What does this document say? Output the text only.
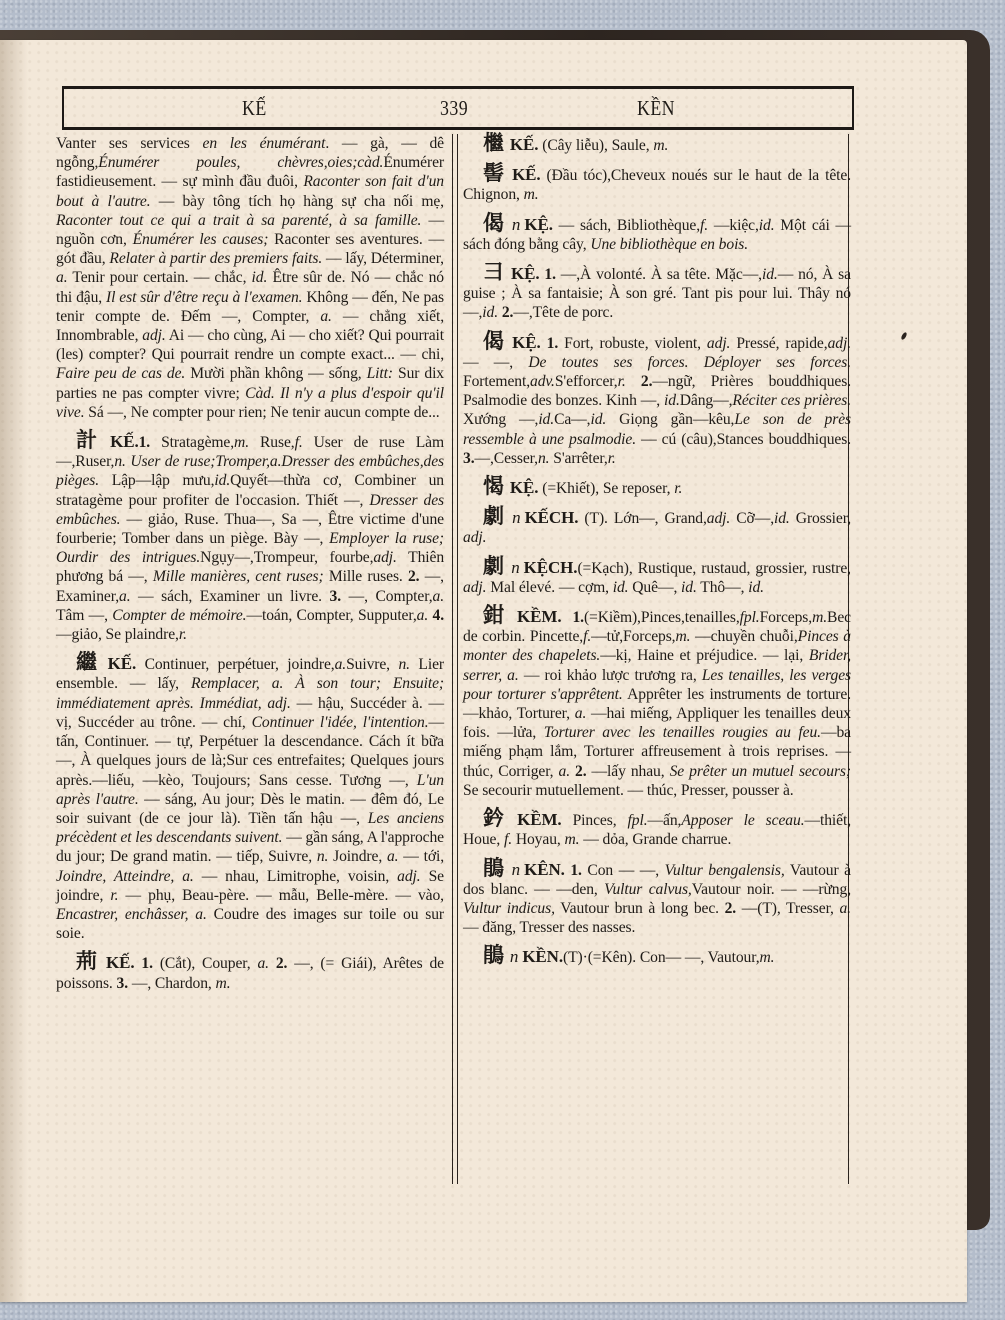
KẾ	339	KỀN

Vanter ses services en les énumérant. — gà, — dê ngỗng,Énumérer poules, chèvres,oies;càd.Énumérer fastidieusement. — sự mình đầu đuôi, Raconter son fait d'un bout à l'autre. — bày tông tích họ hàng sự cha nối mẹ, Raconter tout ce qui a trait à sa parenté, à sa famille. — nguồn cơn, Énumérer les causes; Raconter ses aventures. — gót đầu, Relater à partir des premiers faits. — lấy, Déterminer, a. Tenir pour certain. — chắc, id. Être sûr de. Nó — chắc nó thi đậu, Il est sûr d'être reçu à l'examen. Không — đến, Ne pas tenir compte de. Đếm —, Compter, a. — chẳng xiết, Innombrable, adj. Ai — cho cùng, Ai — cho xiết? Qui pourrait (les) compter? Qui pourrait rendre un compte exact... — chi, Faire peu de cas de. Mười phần không — sống, Litt: Sur dix parties ne pas compter vivre; Càd. Il n'y a plus d'espoir qu'il vive. Sá —, Ne compter pour rien; Ne tenir aucun compte de...

計 KẾ.1. Stratagème,m. Ruse,f. User de ruse Làm—,Ruser,n. User de ruse;Tromper,a.Dresser des embûches,des pièges. Lập—lập mưu,id.Quyết—thừa cơ, Combiner un stratagème pour profiter de l'occasion. Thiết —, Dresser des embûches. — giảo, Ruse. Thua—, Sa —, Être victime d'une fourberie; Tomber dans un piège. Bày —, Employer la ruse; Ourdir des intrigues.Ngụy—,Trompeur, fourbe,adj. Thiên phương bá —, Mille manières, cent ruses; Mille ruses. 2. —, Examiner,a. — sách, Examiner un livre. 3. —, Compter,a. Tâm —, Compter de mémoire.—toán, Compter, Supputer,a. 4.—giảo, Se plaindre,r.

繼 KẾ. Continuer, perpétuer, joindre,a.Suivre, n. Lier ensemble. — lấy, Remplacer, a. À son tour; Ensuite; immédiatement après. Immédiat, adj. — hậu, Succéder à. — vị, Succéder au trône. — chí, Continuer l'idée, l'intention.—tấn, Continuer. — tự, Perpétuer la descendance. Cách ít bữa —, À quelques jours de là;Sur ces entrefaites; Quelques jours après.—liếu, —kèo, Toujours; Sans cesse. Tương —, L'un après l'autre. — sáng, Au jour; Dès le matin. — đêm đó, Le soir suivant (de ce jour là). Tiền tấn hậu —, Les anciens précèdent et les descendants suivent. — gần sáng, A l'approche du jour; De grand matin. — tiếp, Suivre, n. Joindre, a. — tới, Joindre, Atteindre, a. — nhau, Limitrophe, voisin, adj. Se joindre, r. — phụ, Beau-père. — mẫu, Belle-mère. — vào, Encastrer, enchâsser, a. Coudre des images sur toile ou sur soie.

荊 KẾ. 1. (Cắt), Couper, a. 2. —, (= Giái), Arêtes de poissons. 3. —, Chardon, m.

檵 KẾ. (Cây liễu), Saule, m.

髻 KẾ. (Đầu tóc),Cheveux noués sur le haut de la tête. Chignon, m.

偈 n KỆ. — sách, Bibliothèque,f. —kiệc,id. Một cái —sách đóng bằng cây, Une bibliothèque en bois.

彐 KỆ. 1. —,À volonté. À sa tête. Mặc—,id.— nó, À sa guise ; À sa fantaisie; À son gré. Tant pis pour lui. Thây nó—,id. 2.—,Tête de porc.

偈 KỆ. 1. Fort, robuste, violent, adj. Pressé, rapide,adj. — —, De toutes ses forces. Déployer ses forces. Fortement,adv.S'efforcer,r. 2.—ngữ, Prières bouddhiques. Psalmodie des bonzes. Kinh —, id.Dâng—,Réciter ces prières. Xướng —,id.Ca—,id. Giọng gần—kêu,Le son de près ressemble à une psalmodie. — cú (câu),Stances bouddhiques. 3.—,Cesser,n. S'arrêter,r.

愒 KỆ. (=Khiết), Se reposer, r.

劇 n KẾCH. (T). Lớn—, Grand,adj. Cỡ—,id. Grossier, adj.

劇 n KỆCH.(=Kạch), Rustique, rustaud, grossier, rustre, adj. Mal élevé. — cợm, id. Quê—, id. Thô—, id.

鉗 KỀM. 1.(=Kiềm),Pinces,tenailles,fpl.Forceps,m.Bec de corbin. Pincette,f.—tử,Forceps,m. —chuyền chuỗi,Pinces à monter des chapelets.—kị, Haine et préjudice. — lại, Brider, serrer, a. — roi khảo lược trương ra, Les tenailles, les verges pour torturer s'apprêtent. Apprêter les instruments de torture. —khảo, Torturer, a. —hai miếng, Appliquer les tenailles deux fois. —lửa, Torturer avec les tenailles rougies au feu.—ba miếng phạm lắm, Torturer affreusement à trois reprises. — thúc, Corriger, a. 2. —lấy nhau, Se prêter un mutuel secours; Se secourir mutuellement. — thúc, Presser, pousser à.

鈐 KỀM. Pinces, fpl.—ấn,Apposer le sceau.—thiết, Houe, f. Hoyau, m. — dỏa, Grande charrue.

鵑 n KÊN. 1. Con — —, Vultur bengalensis, Vautour à dos blanc. — —den, Vultur calvus,Vautour noir. — —rừng, Vultur indicus, Vautour brun à long bec. 2. —(T), Tresser, a. — đăng, Tresser des nasses.

鵑 n KỀN.(T)·(=Kên). Con— —, Vautour,m.
